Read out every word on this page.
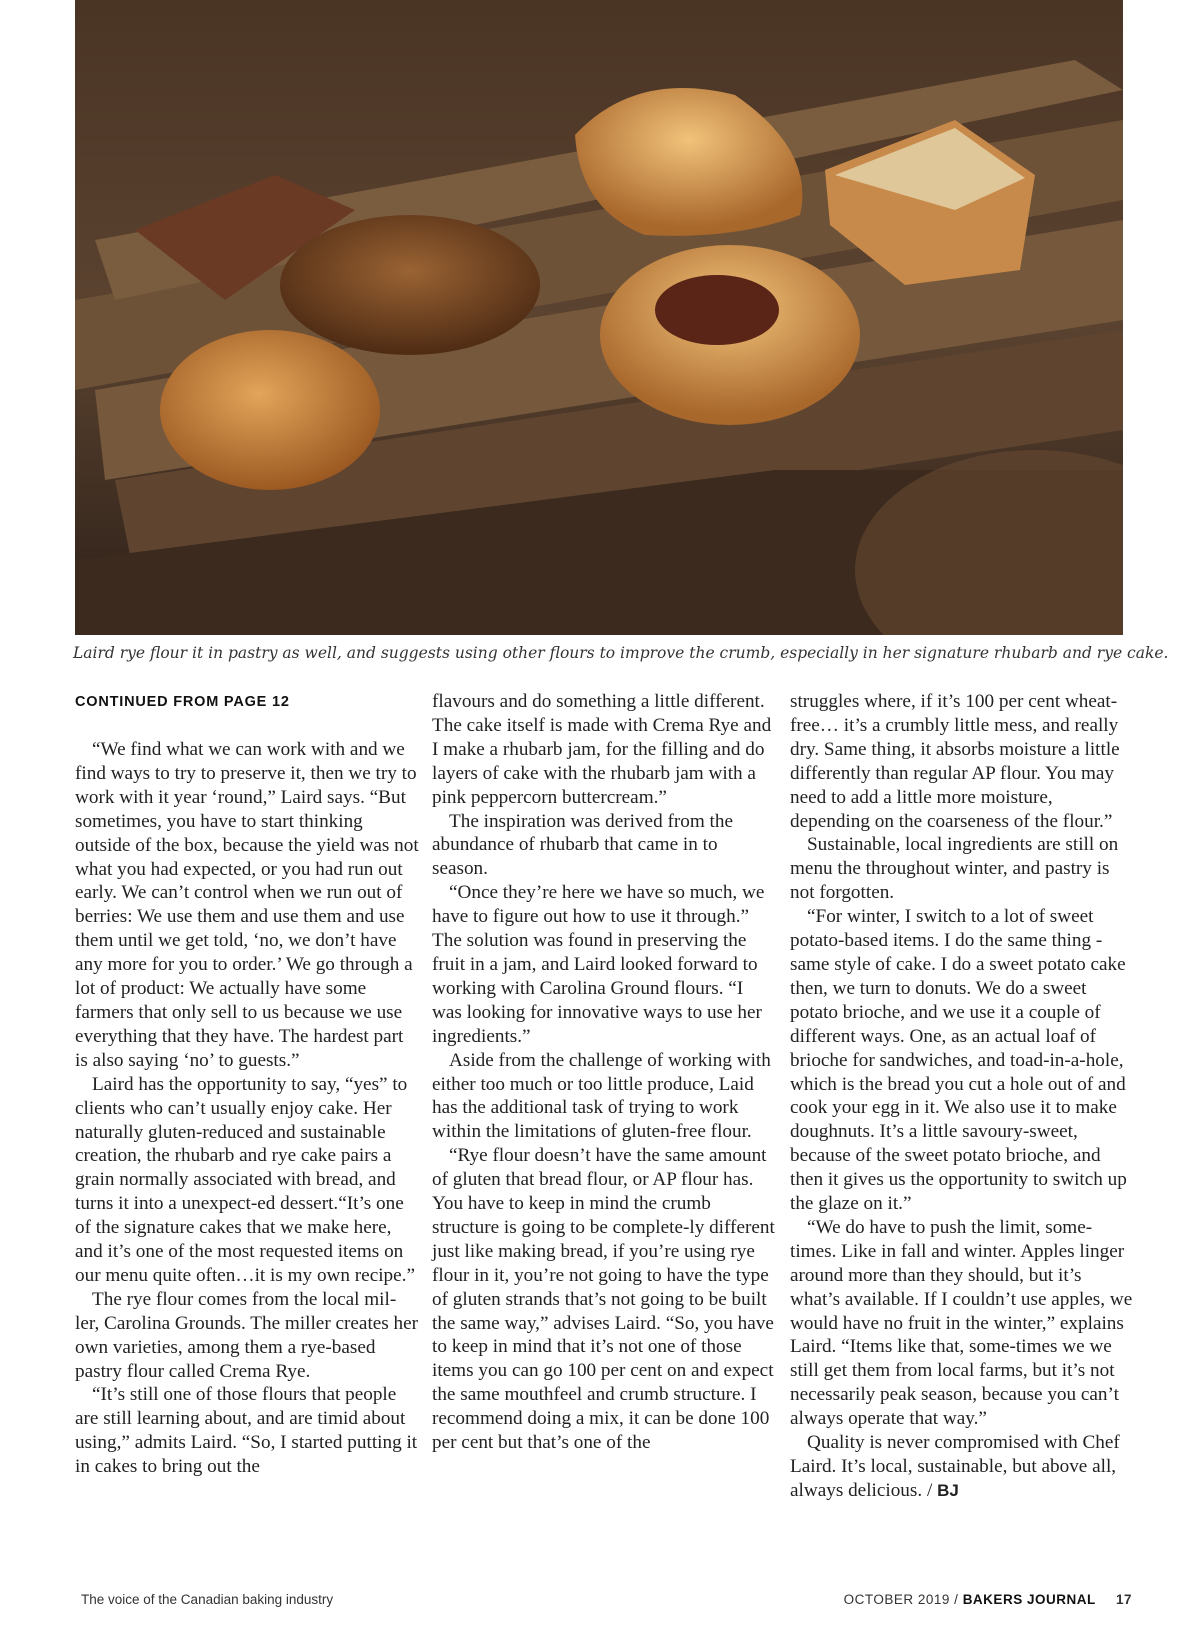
Laird rye flour it in pastry as well, and suggests using other flours to improve the crumb, especially in her signature rhubarb and rye cake.
CONTINUED FROM PAGE 12

“We find what we can work with and we find ways to try to preserve it, then we try to work with it year ‘round,” Laird says. “But sometimes, you have to start thinking outside of the box, because the yield was not what you had expected, or you had run out early. We can’t control when we run out of berries: We use them and use them and use them until we get told, ‘no, we don’t have any more for you to order.’ We go through a lot of product: We actually have some farmers that only sell to us because we use everything that they have. The hardest part is also saying ‘no’ to guests.”

Laird has the opportunity to say, “yes” to clients who can’t usually enjoy cake. Her naturally gluten-reduced and sustainable creation, the rhubarb and rye cake pairs a grain normally associated with bread, and turns it into a unexpect-ed dessert.“It’s one of the signature cakes that we make here, and it’s one of the most requested items on our menu quite often…it is my own recipe.”

The rye flour comes from the local mil-ler, Carolina Grounds. The miller creates her own varieties, among them a rye-based pastry flour called Crema Rye.

“It’s still one of those flours that people are still learning about, and are timid about using,” admits Laird. “So, I started putting it in cakes to bring out the

flavours and do something a little different. The cake itself is made with Crema Rye and I make a rhubarb jam, for the filling and do layers of cake with the rhubarb jam with a pink peppercorn buttercream.”

The inspiration was derived from the abundance of rhubarb that came in to season.

“Once they’re here we have so much, we have to figure out how to use it through.” The solution was found in preserving the fruit in a jam, and Laird looked forward to working with Carolina Ground flours. “I was looking for innovative ways to use her ingredients.”

Aside from the challenge of working with either too much or too little produce, Laid has the additional task of trying to work within the limitations of gluten-free flour.

“Rye flour doesn’t have the same amount of gluten that bread flour, or AP flour has. You have to keep in mind the crumb structure is going to be complete-ly different just like making bread, if you’re using rye flour in it, you’re not going to have the type of gluten strands that’s not going to be built the same way,” advises Laird. “So, you have to keep in mind that it’s not one of those items you can go 100 per cent on and expect the same mouthfeel and crumb structure. I recommend doing a mix, it can be done 100 per cent but that’s one of the

struggles where, if it’s 100 per cent wheat-free… it’s a crumbly little mess, and really dry. Same thing, it absorbs moisture a little differently than regular AP flour. You may need to add a little more moisture, depending on the coarseness of the flour.”

Sustainable, local ingredients are still on menu the throughout winter, and pastry is not forgotten.

“For winter, I switch to a lot of sweet potato-based items. I do the same thing - same style of cake. I do a sweet potato cake then, we turn to donuts. We do a sweet potato brioche, and we use it a couple of different ways. One, as an actual loaf of brioche for sandwiches, and toad-in-a-hole, which is the bread you cut a hole out of and cook your egg in it. We also use it to make doughnuts. It’s a little savoury-sweet, because of the sweet potato brioche, and then it gives us the opportunity to switch up the glaze on it.”

“We do have to push the limit, some-times. Like in fall and winter. Apples linger around more than they should, but it’s what’s available. If I couldn’t use apples, we would have no fruit in the winter,” explains Laird. “Items like that, some-times we we still get them from local farms, but it’s not necessarily peak season, because you can’t always operate that way.”

Quality is never compromised with Chef Laird. It’s local, sustainable, but above all, always delicious. / BJ

The voice of the Canadian baking industry	OCTOBER 2019 / BAKERS JOURNAL 17
